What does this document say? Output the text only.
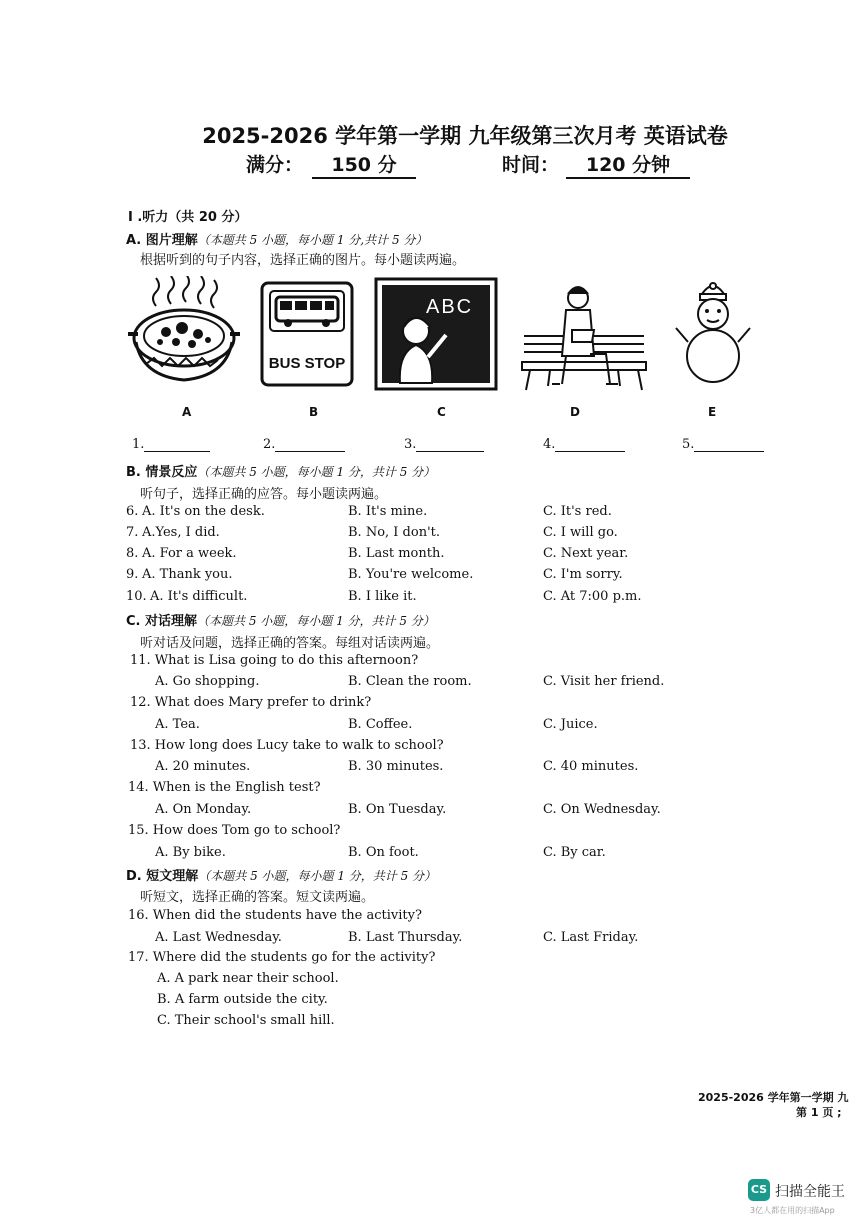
2025-2026 学年第一学期 九年级第三次月考 英语试卷
满分：	150 分	时间：	120 分钟
I .听力（共 20 分）
A. 图片理解（本题共 5 小题，每小题 1 分,共计 5 分）
根据听到的句子内容，选择正确的图片。每小题读两遍。
BUS STOP
ABC
A	B	C	D	E
1.	2.	3.	4.	5.
B. 情景反应（本题共 5 小题，每小题 1 分，共计 5 分）
听句子，选择正确的应答。每小题读两遍。
6. A. It's on the desk.	B. It's mine.	C. It's red.
7. A.Yes, I did.	B. No, I don't.	C. I will go.
8. A. For a week.	B. Last month.	C. Next year.
9. A. Thank you.	B. You're welcome.	C. I'm sorry.
10. A. It's difficult.	B. I like it.	C. At 7:00 p.m.
C. 对话理解（本题共 5 小题，每小题 1 分，共计 5 分）
听对话及问题，选择正确的答案。每组对话读两遍。
11. What is Lisa going to do this afternoon?
A. Go shopping.	B. Clean the room.	C. Visit her friend.
12. What does Mary prefer to drink?
A. Tea.	B. Coffee.	C. Juice.
13. How long does Lucy take to walk to school?
A. 20 minutes.	B. 30 minutes.	C. 40 minutes.
14. When is the English test?
A. On Monday.	B. On Tuesday.	C. On Wednesday.
15. How does Tom go to school?
A. By bike.	B. On foot.	C. By car.
D. 短文理解（本题共 5 小题，每小题 1 分，共计 5 分）
听短文，选择正确的答案。短文读两遍。
16. When did the students have the activity?
A. Last Wednesday.	B. Last Thursday.	C. Last Friday.
17. Where did the students go for the activity?
A. A park near their school.
B. A farm outside the city.
C. Their school's small hill.
2025-2026 学年第一学期 九
第 1 页 ;
CS 扫描全能王
3亿人都在用的扫描App
